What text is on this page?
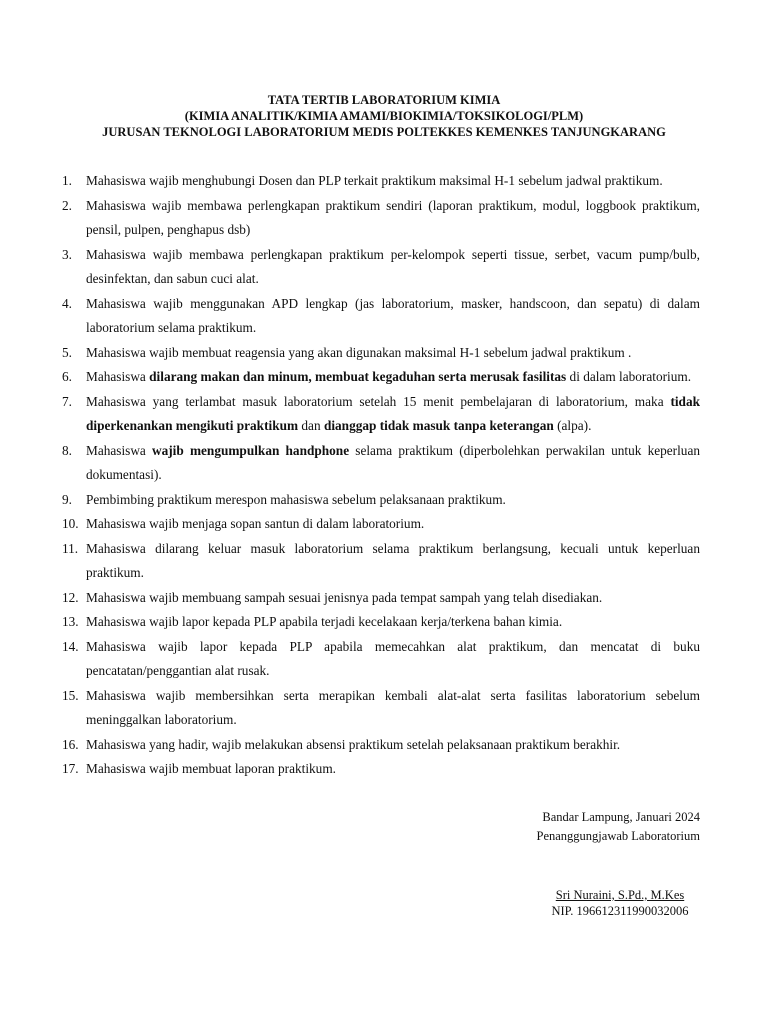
TATA TERTIB LABORATORIUM KIMIA
(KIMIA ANALITIK/KIMIA AMAMI/BIOKIMIA/TOKSIKOLOGI/PLM)
JURUSAN TEKNOLOGI LABORATORIUM MEDIS POLTEKKES KEMENKES TANJUNGKARANG
1. Mahasiswa wajib menghubungi Dosen dan PLP terkait praktikum maksimal H-1 sebelum jadwal praktikum.
2. Mahasiswa wajib membawa perlengkapan praktikum sendiri (laporan praktikum, modul, loggbook praktikum, pensil, pulpen, penghapus dsb)
3. Mahasiswa wajib membawa perlengkapan praktikum per-kelompok seperti tissue, serbet, vacum pump/bulb, desinfektan, dan sabun cuci alat.
4. Mahasiswa wajib menggunakan APD lengkap (jas laboratorium, masker, handscoon, dan sepatu) di dalam laboratorium selama praktikum.
5. Mahasiswa wajib membuat reagensia yang akan digunakan maksimal H-1 sebelum jadwal praktikum .
6. Mahasiswa dilarang makan dan minum, membuat kegaduhan serta merusak fasilitas di dalam laboratorium.
7. Mahasiswa yang terlambat masuk laboratorium setelah 15 menit pembelajaran di laboratorium, maka tidak diperkenankan mengikuti praktikum dan dianggap tidak masuk tanpa keterangan (alpa).
8. Mahasiswa wajib mengumpulkan handphone selama praktikum (diperbolehkan perwakilan untuk keperluan dokumentasi).
9. Pembimbing praktikum merespon mahasiswa sebelum pelaksanaan praktikum.
10. Mahasiswa wajib menjaga sopan santun di dalam laboratorium.
11. Mahasiswa dilarang keluar masuk laboratorium selama praktikum berlangsung, kecuali untuk keperluan praktikum.
12. Mahasiswa wajib membuang sampah sesuai jenisnya pada tempat sampah yang telah disediakan.
13. Mahasiswa wajib lapor kepada PLP apabila terjadi kecelakaan kerja/terkena bahan kimia.
14. Mahasiswa wajib lapor kepada PLP apabila memecahkan alat praktikum, dan mencatat di buku pencatatan/penggantian alat rusak.
15. Mahasiswa wajib membersihkan serta merapikan kembali alat-alat serta fasilitas laboratorium sebelum meninggalkan laboratorium.
16. Mahasiswa yang hadir, wajib melakukan absensi praktikum setelah pelaksanaan praktikum berakhir.
17. Mahasiswa wajib membuat laporan praktikum.
Bandar Lampung, Januari 2024
Penanggungjawab Laboratorium
Sri Nuraini, S.Pd., M.Kes
NIP. 196612311990032006
